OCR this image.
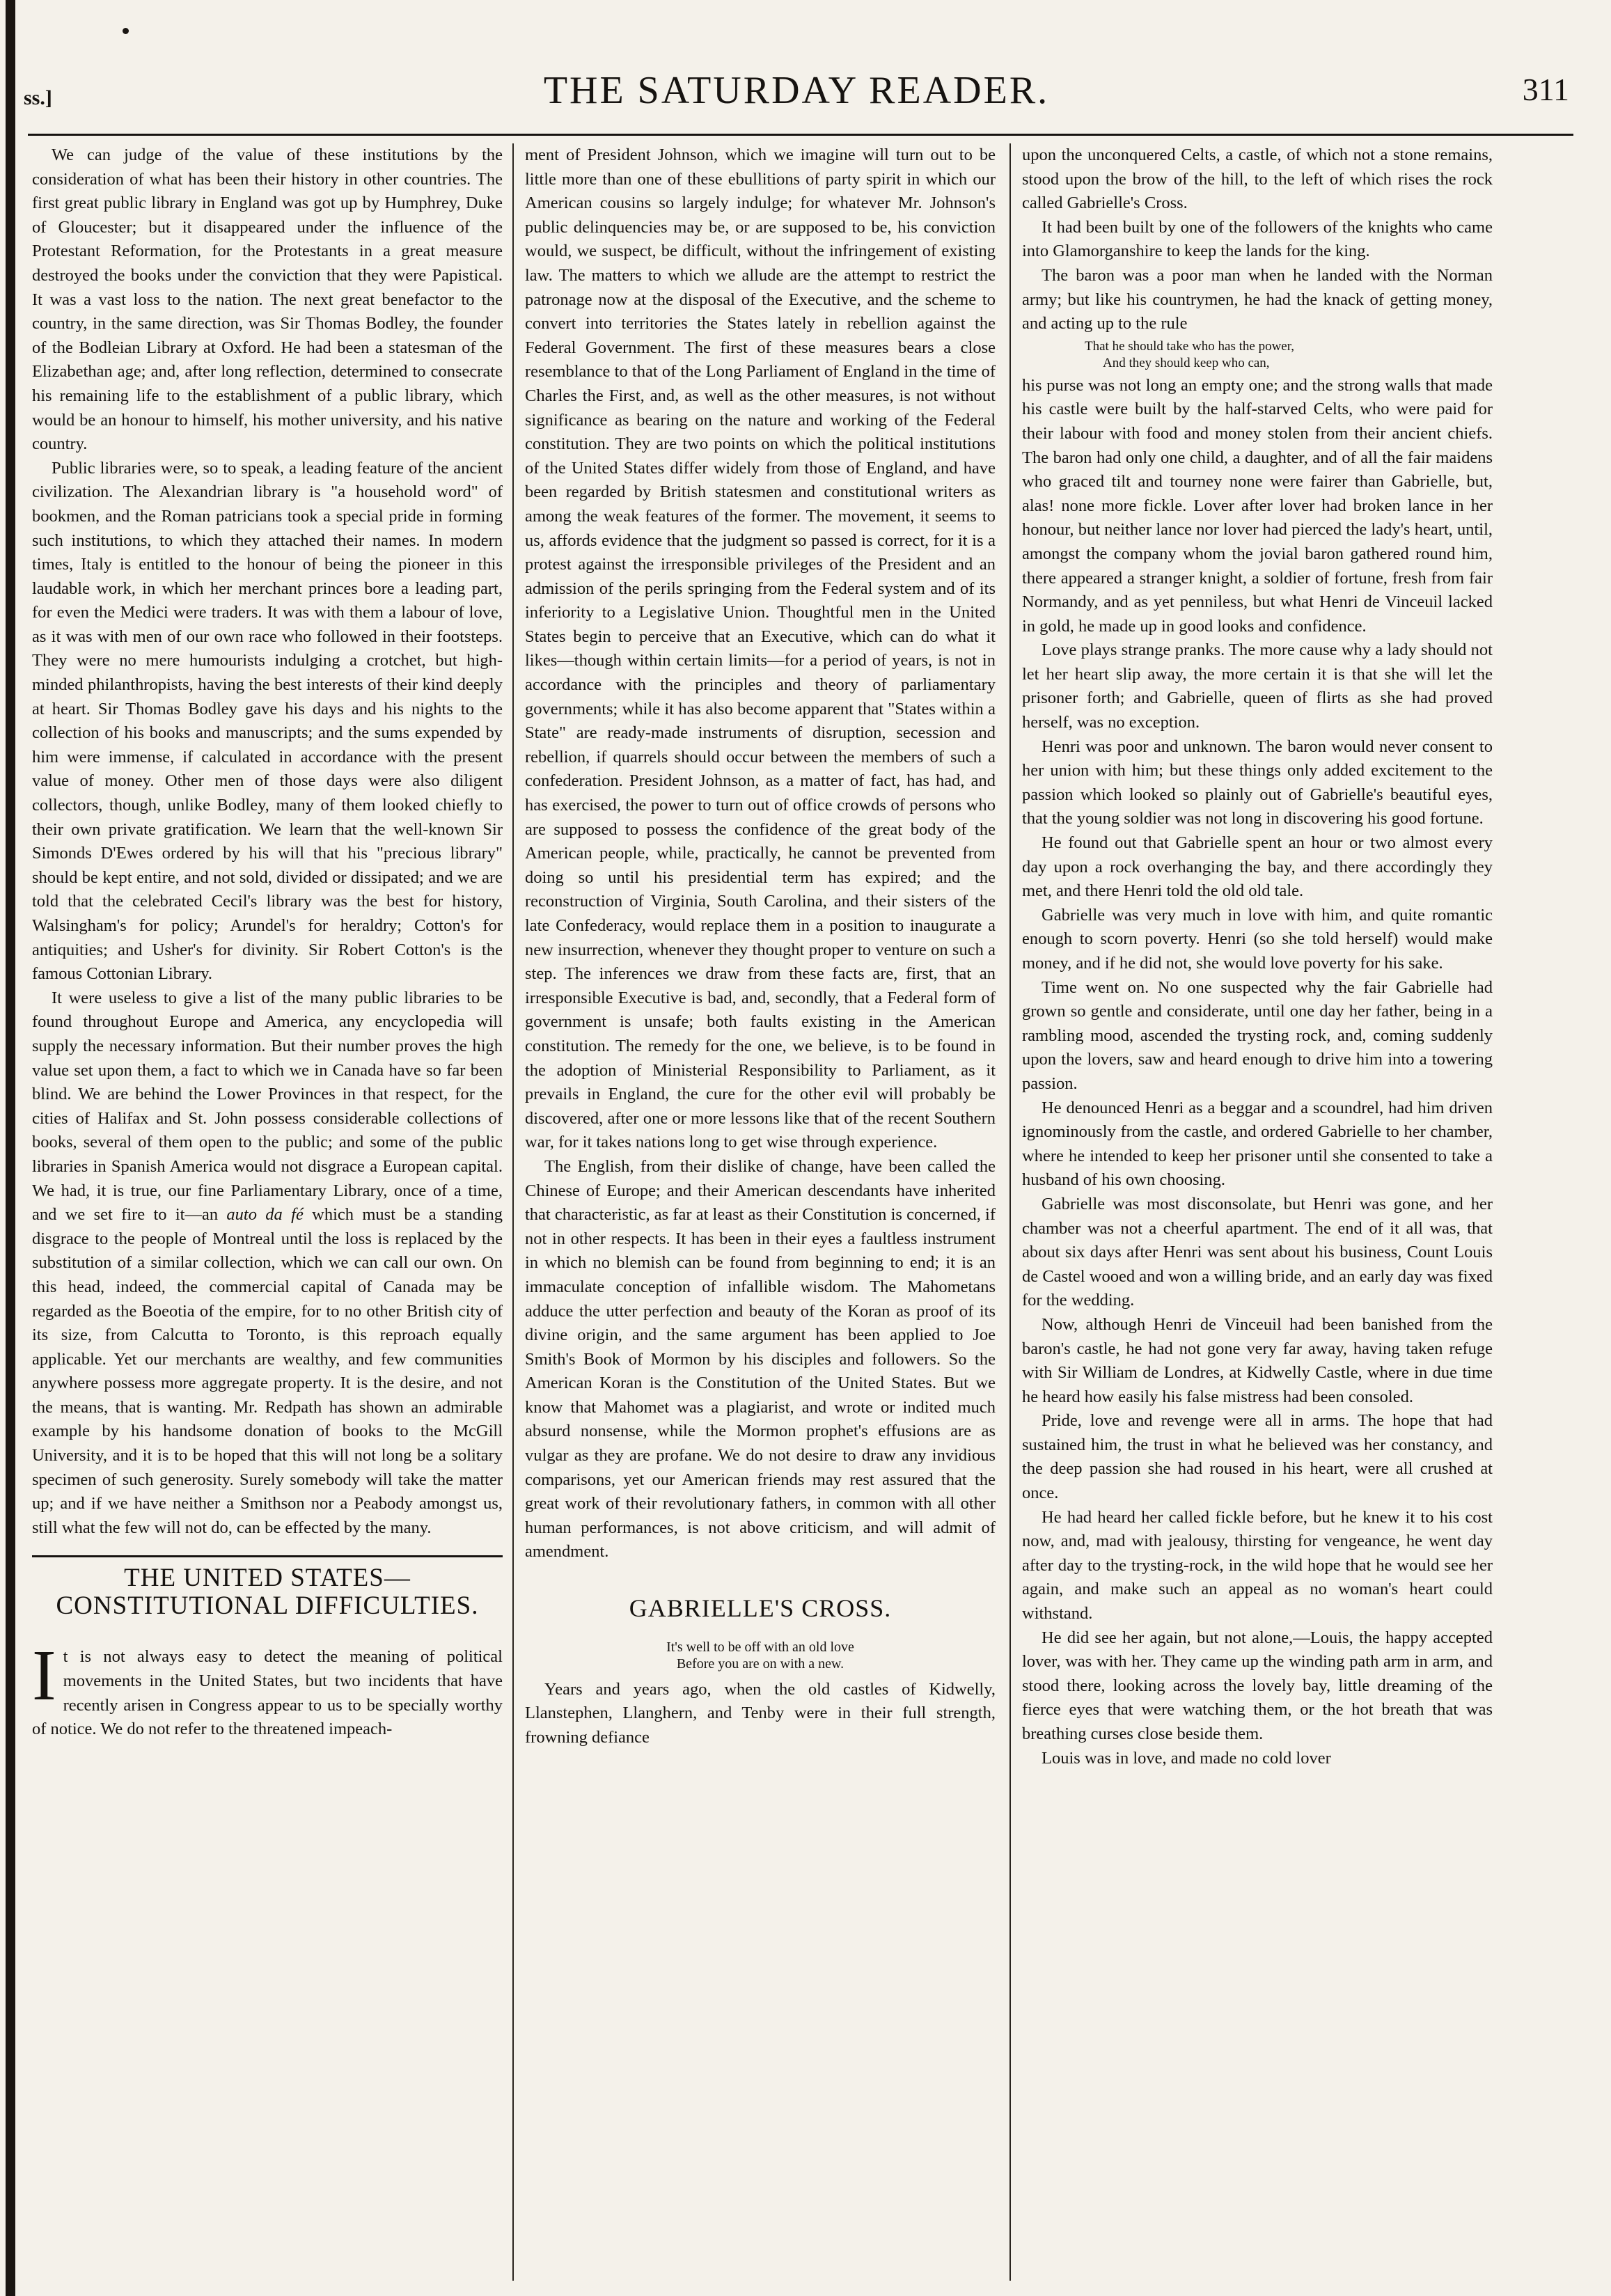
ss.]	THE SATURDAY READER.	311

We can judge of the value of these institutions by the consideration of what has been their history in other countries. The first great public library in England was got up by Humphrey, Duke of Gloucester; but it disappeared under the influence of the Protestant Reformation, for the Protestants in a great measure destroyed the books under the conviction that they were Papistical. It was a vast loss to the nation. The next great benefactor to the country, in the same direction, was Sir Thomas Bodley, the founder of the Bodleian Library at Oxford. He had been a statesman of the Elizabethan age; and, after long reflection, determined to consecrate his remaining life to the establishment of a public library, which would be an honour to himself, his mother university, and his native country.

Public libraries were, so to speak, a leading feature of the ancient civilization. The Alexandrian library is "a household word" of bookmen, and the Roman patricians took a special pride in forming such institutions, to which they attached their names. In modern times, Italy is entitled to the honour of being the pioneer in this laudable work, in which her merchant princes bore a leading part, for even the Medici were traders. It was with them a labour of love, as it was with men of our own race who followed in their footsteps. They were no mere humourists indulging a crotchet, but high-minded philanthropists, having the best interests of their kind deeply at heart. Sir Thomas Bodley gave his days and his nights to the collection of his books and manuscripts; and the sums expended by him were immense, if calculated in accordance with the present value of money. Other men of those days were also diligent collectors, though, unlike Bodley, many of them looked chiefly to their own private gratification. We learn that the well-known Sir Simonds D'Ewes ordered by his will that his "precious library" should be kept entire, and not sold, divided or dissipated; and we are told that the celebrated Cecil's library was the best for history, Walsingham's for policy; Arundel's for heraldry; Cotton's for antiquities; and Usher's for divinity. Sir Robert Cotton's is the famous Cottonian Library.

It were useless to give a list of the many public libraries to be found throughout Europe and America, any encyclopedia will supply the necessary information. But their number proves the high value set upon them, a fact to which we in Canada have so far been blind. We are behind the Lower Provinces in that respect, for the cities of Halifax and St. John possess considerable collections of books, several of them open to the public; and some of the public libraries in Spanish America would not disgrace a European capital. We had, it is true, our fine Parliamentary Library, once of a time, and we set fire to it—an auto da fé which must be a standing disgrace to the people of Montreal until the loss is replaced by the substitution of a similar collection, which we can call our own. On this head, indeed, the commercial capital of Canada may be regarded as the Boeotia of the empire, for to no other British city of its size, from Calcutta to Toronto, is this reproach equally applicable. Yet our merchants are wealthy, and few communities anywhere possess more aggregate property. It is the desire, and not the means, that is wanting. Mr. Redpath has shown an admirable example by his handsome donation of books to the McGill University, and it is to be hoped that this will not long be a solitary specimen of such generosity. Surely somebody will take the matter up; and if we have neither a Smithson nor a Peabody amongst us, still what the few will not do, can be effected by the many.

THE UNITED STATES—CONSTITUTIONAL DIFFICULTIES.

It is not always easy to detect the meaning of political movements in the United States, but two incidents that have recently arisen in Congress appear to us to be specially worthy of notice. We do not refer to the threatened impeach-

ment of President Johnson, which we imagine will turn out to be little more than one of these ebullitions of party spirit in which our American cousins so largely indulge; for whatever Mr. Johnson's public delinquencies may be, or are supposed to be, his conviction would, we suspect, be difficult, without the infringement of existing law. The matters to which we allude are the attempt to restrict the patronage now at the disposal of the Executive, and the scheme to convert into territories the States lately in rebellion against the Federal Government. The first of these measures bears a close resemblance to that of the Long Parliament of England in the time of Charles the First, and, as well as the other measures, is not without significance as bearing on the nature and working of the Federal constitution. They are two points on which the political institutions of the United States differ widely from those of England, and have been regarded by British statesmen and constitutional writers as among the weak features of the former. The movement, it seems to us, affords evidence that the judgment so passed is correct, for it is a protest against the irresponsible privileges of the President and an admission of the perils springing from the Federal system and of its inferiority to a Legislative Union. Thoughtful men in the United States begin to perceive that an Executive, which can do what it likes—though within certain limits—for a period of years, is not in accordance with the principles and theory of parliamentary governments; while it has also become apparent that "States within a State" are ready-made instruments of disruption, secession and rebellion, if quarrels should occur between the members of such a confederation. President Johnson, as a matter of fact, has had, and has exercised, the power to turn out of office crowds of persons who are supposed to possess the confidence of the great body of the American people, while, practically, he cannot be prevented from doing so until his presidential term has expired; and the reconstruction of Virginia, South Carolina, and their sisters of the late Confederacy, would replace them in a position to inaugurate a new insurrection, whenever they thought proper to venture on such a step. The inferences we draw from these facts are, first, that an irresponsible Executive is bad, and, secondly, that a Federal form of government is unsafe; both faults existing in the American constitution. The remedy for the one, we believe, is to be found in the adoption of Ministerial Responsibility to Parliament, as it prevails in England, the cure for the other evil will probably be discovered, after one or more lessons like that of the recent Southern war, for it takes nations long to get wise through experience.

The English, from their dislike of change, have been called the Chinese of Europe; and their American descendants have inherited that characteristic, as far at least as their Constitution is concerned, if not in other respects. It has been in their eyes a faultless instrument in which no blemish can be found from beginning to end; it is an immaculate conception of infallible wisdom. The Mahometans adduce the utter perfection and beauty of the Koran as proof of its divine origin, and the same argument has been applied to Joe Smith's Book of Mormon by his disciples and followers. So the American Koran is the Constitution of the United States. But we know that Mahomet was a plagiarist, and wrote or indited much absurd nonsense, while the Mormon prophet's effusions are as vulgar as they are profane. We do not desire to draw any invidious comparisons, yet our American friends may rest assured that the great work of their revolutionary fathers, in common with all other human performances, is not above criticism, and will admit of amendment.

GABRIELLE'S CROSS.
It's well to be off with an old love
Before you are on with a new.

Years and years ago, when the old castles of Kidwelly, Llanstephen, Llanghern, and Tenby were in their full strength, frowning defiance

upon the unconquered Celts, a castle, of which not a stone remains, stood upon the brow of the hill, to the left of which rises the rock called Gabrielle's Cross.

It had been built by one of the followers of the knights who came into Glamorganshire to keep the lands for the king.

The baron was a poor man when he landed with the Norman army; but like his countrymen, he had the knack of getting money, and acting up to the rule

That he should take who has the power,
And they should keep who can,

his purse was not long an empty one; and the strong walls that made his castle were built by the half-starved Celts, who were paid for their labour with food and money stolen from their ancient chiefs. The baron had only one child, a daughter, and of all the fair maidens who graced tilt and tourney none were fairer than Gabrielle, but, alas! none more fickle. Lover after lover had broken lance in her honour, but neither lance nor lover had pierced the lady's heart, until, amongst the company whom the jovial baron gathered round him, there appeared a stranger knight, a soldier of fortune, fresh from fair Normandy, and as yet penniless, but what Henri de Vinceuil lacked in gold, he made up in good looks and confidence.

Love plays strange pranks. The more cause why a lady should not let her heart slip away, the more certain it is that she will let the prisoner forth; and Gabrielle, queen of flirts as she had proved herself, was no exception.

Henri was poor and unknown. The baron would never consent to her union with him; but these things only added excitement to the passion which looked so plainly out of Gabrielle's beautiful eyes, that the young soldier was not long in discovering his good fortune.

He found out that Gabrielle spent an hour or two almost every day upon a rock overhanging the bay, and there accordingly they met, and there Henri told the old old tale.

Gabrielle was very much in love with him, and quite romantic enough to scorn poverty. Henri (so she told herself) would make money, and if he did not, she would love poverty for his sake.

Time went on. No one suspected why the fair Gabrielle had grown so gentle and considerate, until one day her father, being in a rambling mood, ascended the trysting rock, and, coming suddenly upon the lovers, saw and heard enough to drive him into a towering passion.

He denounced Henri as a beggar and a scoundrel, had him driven ignominously from the castle, and ordered Gabrielle to her chamber, where he intended to keep her prisoner until she consented to take a husband of his own choosing.

Gabrielle was most disconsolate, but Henri was gone, and her chamber was not a cheerful apartment. The end of it all was, that about six days after Henri was sent about his business, Count Louis de Castel wooed and won a willing bride, and an early day was fixed for the wedding.

Now, although Henri de Vinceuil had been banished from the baron's castle, he had not gone very far away, having taken refuge with Sir William de Londres, at Kidwelly Castle, where in due time he heard how easily his false mistress had been consoled.

Pride, love and revenge were all in arms. The hope that had sustained him, the trust in what he believed was her constancy, and the deep passion she had roused in his heart, were all crushed at once.

He had heard her called fickle before, but he knew it to his cost now, and, mad with jealousy, thirsting for vengeance, he went day after day to the trysting-rock, in the wild hope that he would see her again, and make such an appeal as no woman's heart could withstand.

He did see her again, but not alone,—Louis, the happy accepted lover, was with her. They came up the winding path arm in arm, and stood there, looking across the lovely bay, little dreaming of the fierce eyes that were watching them, or the hot breath that was breathing curses close beside them.

Louis was in love, and made no cold lover
